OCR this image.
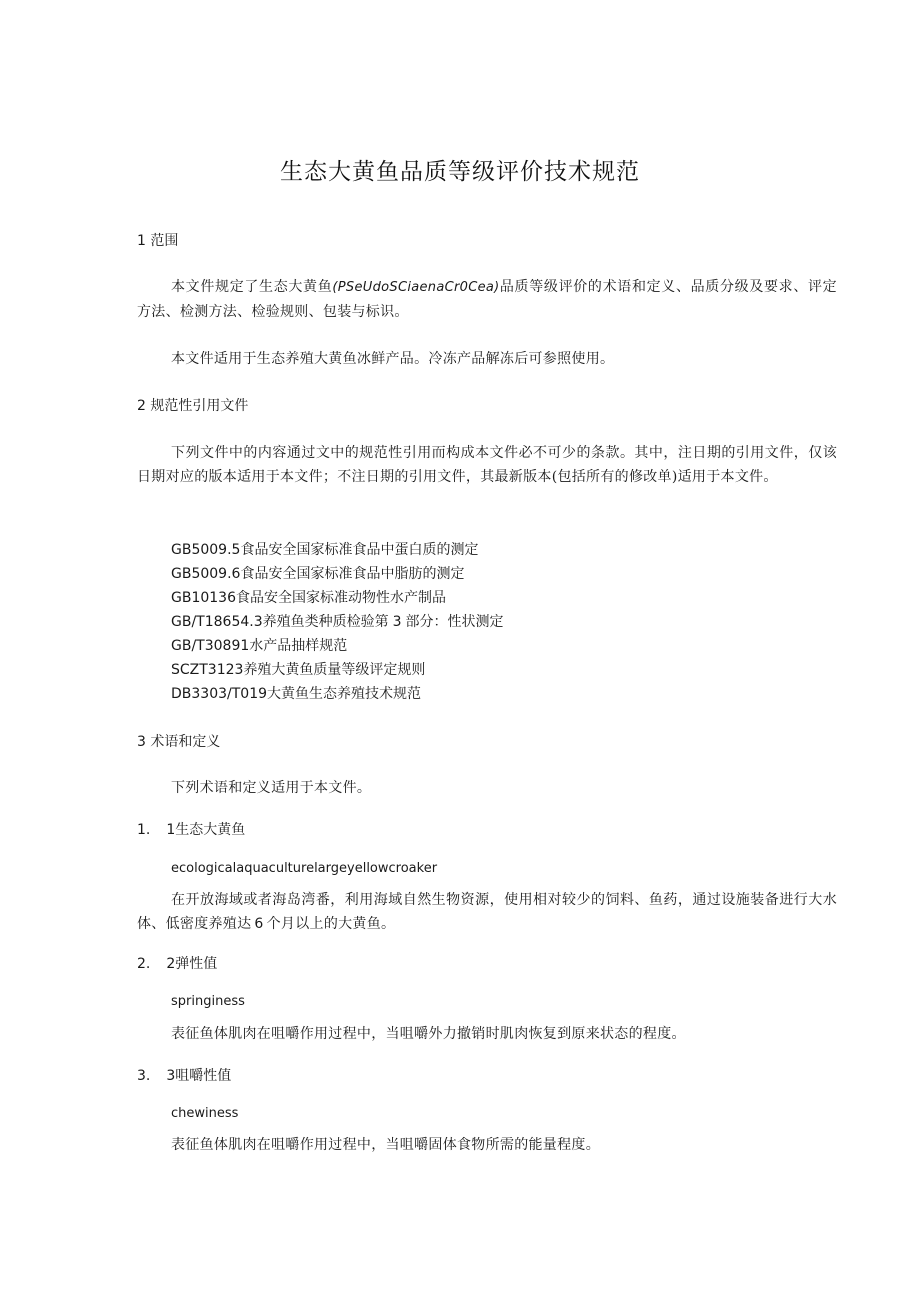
生态大黄鱼品质等级评价技术规范
1 范围
本文件规定了生态大黄鱼(PSeUdoSCiaenaCr0Cea)品质等级评价的术语和定义、品质分级及要求、评定方法、检测方法、检验规则、包装与标识。
本文件适用于生态养殖大黄鱼冰鲜产品。冷冻产品解冻后可参照使用。
2 规范性引用文件
下列文件中的内容通过文中的规范性引用而构成本文件必不可少的条款。其中，注日期的引用文件，仅该日期对应的版本适用于本文件；不注日期的引用文件，其最新版本(包括所有的修改单)适用于本文件。
GB5009.5食品安全国家标准食品中蛋白质的测定
GB5009.6食品安全国家标准食品中脂肪的测定
GB10136食品安全国家标准动物性水产制品
GB/T18654.3养殖鱼类种质检验第 3 部分：性状测定
GB/T30891水产品抽样规范
SCZT3123养殖大黄鱼质量等级评定规则
DB3303/T019大黄鱼生态养殖技术规范
3 术语和定义
下列术语和定义适用于本文件。
1. 1生态大黄鱼
ecologicalaquaculturelargeyellowcroaker
在开放海域或者海岛湾番，利用海域自然生物资源，使用相对较少的饲料、鱼药，通过设施装备进行大水体、低密度养殖达 6 个月以上的大黄鱼。
2. 2弹性值
springiness
表征鱼体肌肉在咀嚼作用过程中，当咀嚼外力撤销时肌肉恢复到原来状态的程度。
3. 3咀嚼性值
chewiness
表征鱼体肌肉在咀嚼作用过程中，当咀嚼固体食物所需的能量程度。
